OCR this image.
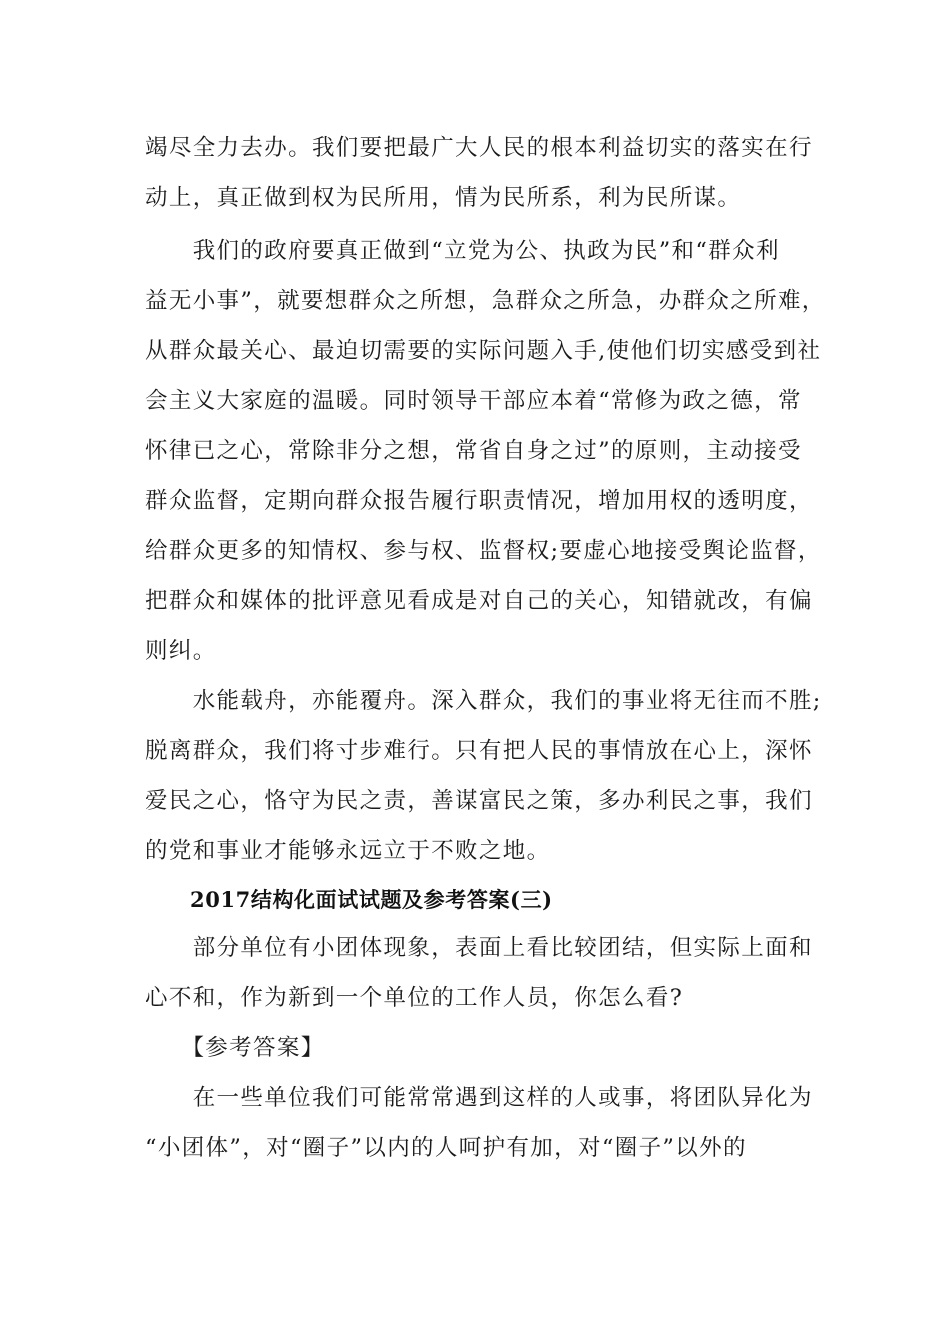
竭尽全力去办。我们要把最广大人民的根本利益切实的落实在行
动上，真正做到权为民所用，情为民所系，利为民所谋。
　　我们的政府要真正做到“立党为公、执政为民”和“群众利
益无小事”，就要想群众之所想，急群众之所急，办群众之所难，
从群众最关心、最迫切需要的实际问题入手,使他们切实感受到社
会主义大家庭的温暖。同时领导干部应本着“常修为政之德，常
怀律已之心，常除非分之想，常省自身之过”的原则，主动接受
群众监督，定期向群众报告履行职责情况，增加用权的透明度，
给群众更多的知情权、参与权、监督权;要虚心地接受舆论监督，
把群众和媒体的批评意见看成是对自己的关心，知错就改，有偏
则纠。
　　水能载舟，亦能覆舟。深入群众，我们的事业将无往而不胜;
脱离群众，我们将寸步难行。只有把人民的事情放在心上，深怀
爱民之心，恪守为民之责，善谋富民之策，多办利民之事，我们
的党和事业才能够永远立于不败之地。
2017结构化面试试题及参考答案(三)
　　部分单位有小团体现象，表面上看比较团结，但实际上面和
心不和，作为新到一个单位的工作人员，你怎么看?
　　【参考答案】
　　在一些单位我们可能常常遇到这样的人或事，将团队异化为
“小团体”，对“圈子”以内的人呵护有加，对“圈子”以外的
